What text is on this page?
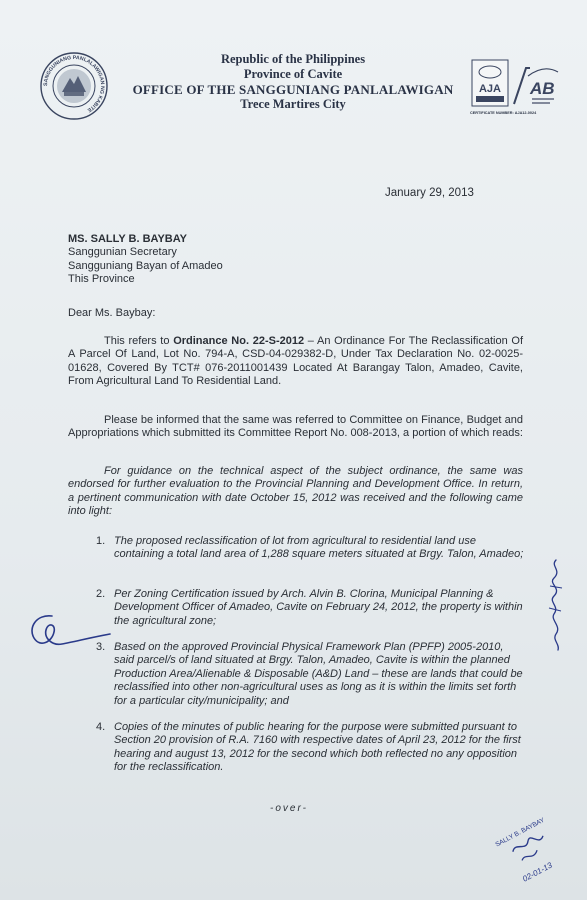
SANGGUNIANG PANLALAWIGAN NG KABITE
Republic of the Philippines
Province of Cavite
OFFICE OF THE SANGGUNIANG PANLALAWIGAN
Trece Martires City
AJA AB
CERTIFICATE NUMBER: AJA12-0024
January 29, 2013
MS. SALLY B. BAYBAY
Sanggunian Secretary
Sangguniang Bayan of Amadeo
This Province
Dear Ms. Baybay:
This refers to Ordinance No. 22-S-2012 – An Ordinance For The Reclassification Of A Parcel Of Land, Lot No. 794-A, CSD-04-029382-D, Under Tax Declaration No. 02-0025-01628, Covered By TCT# 076-2011001439 Located At Barangay Talon, Amadeo, Cavite, From Agricultural Land To Residential Land.
Please be informed that the same was referred to Committee on Finance, Budget and Appropriations which submitted its Committee Report No. 008-2013, a portion of which reads:
For guidance on the technical aspect of the subject ordinance, the same was endorsed for further evaluation to the Provincial Planning and Development Office. In return, a pertinent communication with date October 15, 2012 was received and the following came into light:
1. The proposed reclassification of lot from agricultural to residential land use containing a total land area of 1,288 square meters situated at Brgy. Talon, Amadeo;
2. Per Zoning Certification issued by Arch. Alvin B. Clorina, Municipal Planning & Development Officer of Amadeo, Cavite on February 24, 2012, the property is within the agricultural zone;
3. Based on the approved Provincial Physical Framework Plan (PPFP) 2005-2010, said parcel/s of land situated at Brgy. Talon, Amadeo, Cavite is within the planned Production Area/Alienable & Disposable (A&D) Land – these are lands that could be reclassified into other non-agricultural uses as long as it is within the limits set forth for a particular city/municipality; and
4. Copies of the minutes of public hearing for the purpose were submitted pursuant to Section 20 provision of R.A. 7160 with respective dates of April 23, 2012 for the first hearing and august 13, 2012 for the second which both reflected no any opposition for the reclassification.
-over-
SALLY B. BAYBAY
02-01-13
